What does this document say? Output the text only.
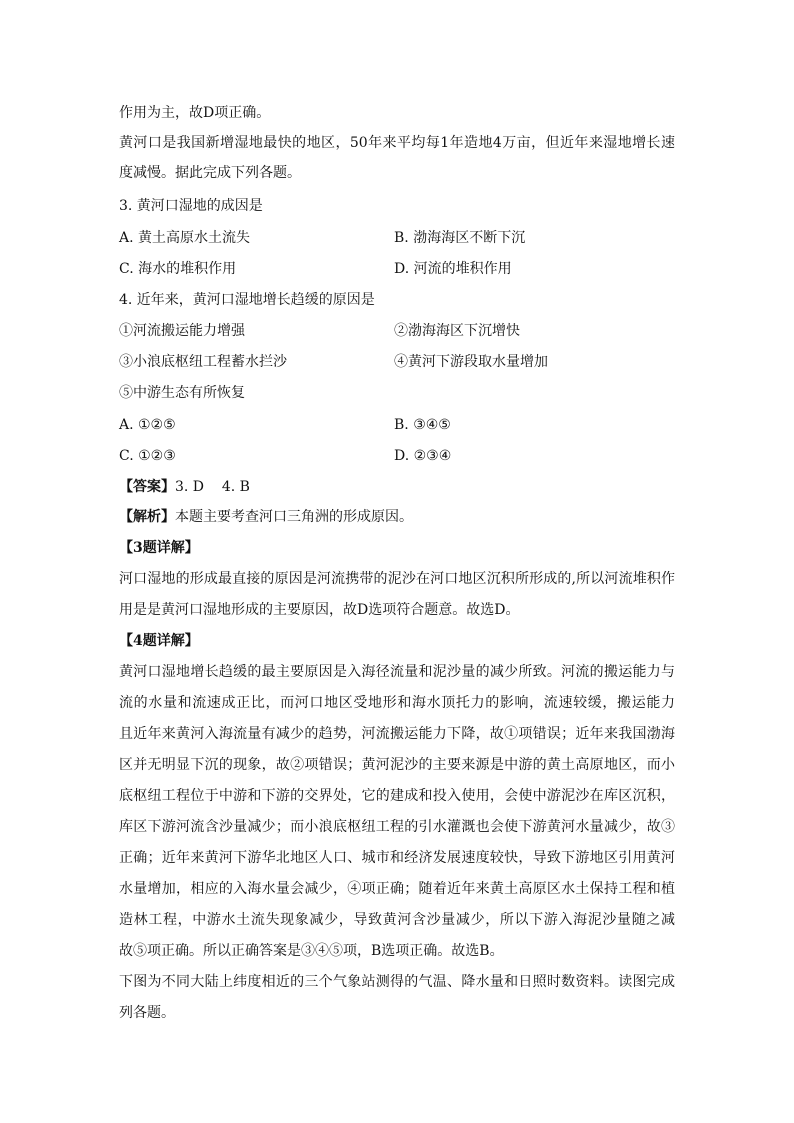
作用为主，故D项正确。
黄河口是我国新增湿地最快的地区，50年来平均每1年造地4万亩，但近年来湿地增长速
度减慢。据此完成下列各题。
3. 黄河口湿地的成因是
A. 黄土高原水土流失	B. 渤海海区不断下沉
C. 海水的堆积作用	D. 河流的堆积作用
4. 近年来，黄河口湿地增长趋缓的原因是
①河流搬运能力增强	②渤海海区下沉增快
③小浪底枢纽工程蓄水拦沙	④黄河下游段取水量增加
⑤中游生态有所恢复
A. ①②⑤	B. ③④⑤
C. ①②③	D. ②③④
【答案】3. D    4. B
【解析】本题主要考查河口三角洲的形成原因。
【3题详解】
河口湿地的形成最直接的原因是河流携带的泥沙在河口地区沉积所形成的,所以河流堆积作
用是是黄河口湿地形成的主要原因，故D选项符合题意。故选D。
【4题详解】
黄河口湿地增长趋缓的最主要原因是入海径流量和泥沙量的减少所致。河流的搬运能力与
流的水量和流速成正比，而河口地区受地形和海水顶托力的影响，流速较缓，搬运能力
且近年来黄河入海流量有减少的趋势，河流搬运能力下降，故①项错误；近年来我国渤海
区并无明显下沉的现象，故②项错误；黄河泥沙的主要来源是中游的黄土高原地区，而小
底枢纽工程位于中游和下游的交界处，它的建成和投入使用，会使中游泥沙在库区沉积，
库区下游河流含沙量减少；而小浪底枢纽工程的引水灌溉也会使下游黄河水量减少，故③
正确；近年来黄河下游华北地区人口、城市和经济发展速度较快，导致下游地区引用黄河
水量增加，相应的入海水量会减少，④项正确；随着近年来黄土高原区水土保持工程和植
造林工程，中游水土流失现象减少，导致黄河含沙量减少，所以下游入海泥沙量随之减
故⑤项正确。所以正确答案是③④⑤项，B选项正确。故选B。
下图为不同大陆上纬度相近的三个气象站测得的气温、降水量和日照时数资料。读图完成
列各题。
